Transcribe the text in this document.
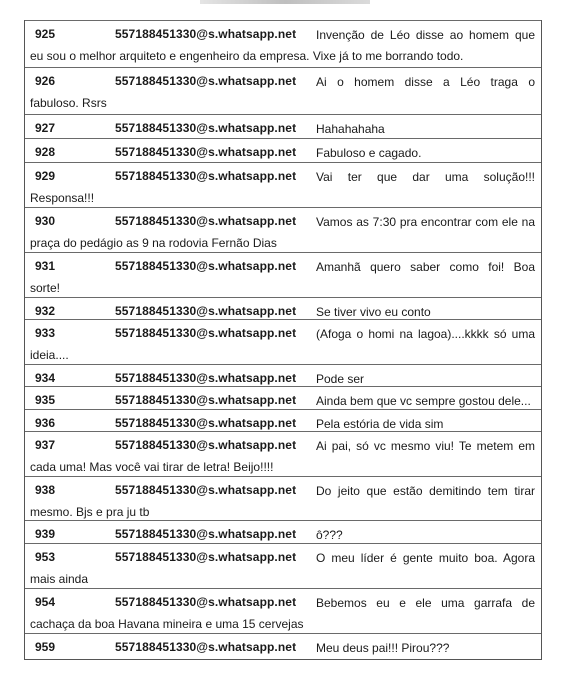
925	557188451330@s.whatsapp.net	Invenção de Léo disse ao homem que eu sou o melhor arquiteto e engenheiro da empresa. Vixe já to me borrando todo.
926	557188451330@s.whatsapp.net	Ai o homem disse a Léo traga o fabuloso. Rsrs
927	557188451330@s.whatsapp.net	Hahahahaha
928	557188451330@s.whatsapp.net	Fabuloso e cagado.
929	557188451330@s.whatsapp.net	Vai ter que dar uma solução!!! Responsa!!!
930	557188451330@s.whatsapp.net	Vamos as 7:30 pra encontrar com ele na praça do pedágio as 9 na rodovia Fernão Dias
931	557188451330@s.whatsapp.net	Amanhã quero saber como foi! Boa sorte!
932	557188451330@s.whatsapp.net	Se tiver vivo eu conto
933	557188451330@s.whatsapp.net	(Afoga o homi na lagoa)....kkkk só uma ideia....
934	557188451330@s.whatsapp.net	Pode ser
935	557188451330@s.whatsapp.net	Ainda bem que vc sempre gostou dele...
936	557188451330@s.whatsapp.net	Pela estória de vida sim
937	557188451330@s.whatsapp.net	Ai pai, só vc mesmo viu! Te metem em cada uma! Mas você vai tirar de letra! Beijo!!!!
938	557188451330@s.whatsapp.net	Do jeito que estão demitindo tem tirar mesmo. Bjs e pra ju tb
939	557188451330@s.whatsapp.net	ô???
953	557188451330@s.whatsapp.net	O meu líder é gente muito boa. Agora mais ainda
954	557188451330@s.whatsapp.net	Bebemos eu e ele uma garrafa de cachaça da boa Havana mineira e uma 15 cervejas
959	557188451330@s.whatsapp.net	Meu deus pai!!! Pirou???
